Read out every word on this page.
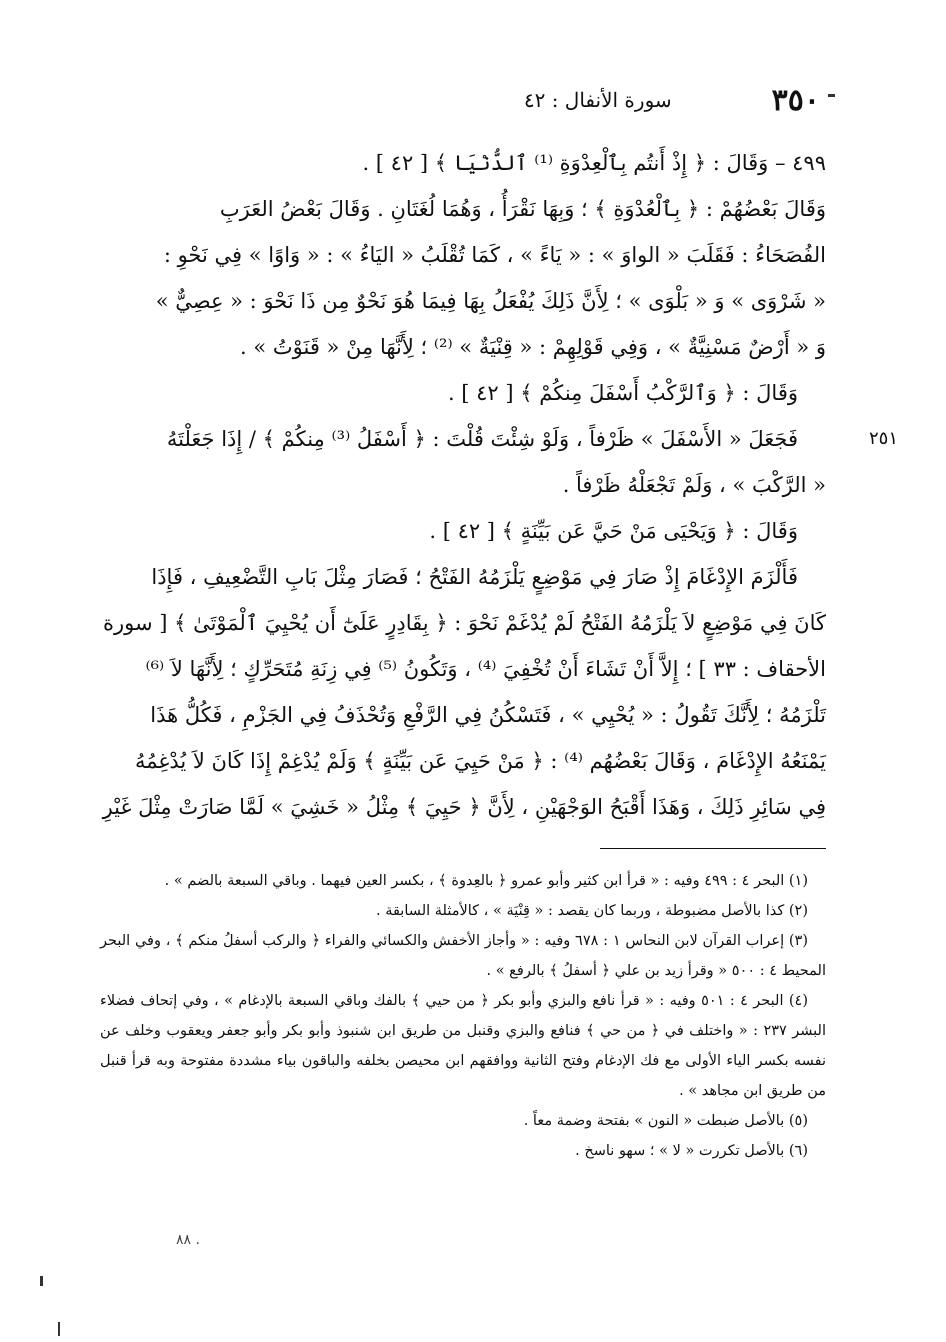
٣٥٠
سورة الأنفال : ٤٢
٢٥١

٤٩٩ – وَقَالَ : ﴿ إِذْ أَنتُم بِٱلْعِدْوَةِ ⁽¹⁾ ٱلدُّنْيَا ﴾ [ ٤٢ ] .

وَقَالَ بَعْضُهُمْ : ﴿ بِٱلْعُدْوَةِ ﴾ ؛ وَبِهَا نَقْرَأُ ، وَهُمَا لُغَتَانِ . وَقَالَ بَعْضُ العَرَبِ

الفُصَحَاءُ : فَقَلَبَ « الواوَ » : « يَاءً » ، كَمَا تُقْلَبُ « اليَاءُ » : « وَاوًا » فِي نَحْوِ :

« شَرْوَى » وَ « بَلْوَى » ؛ لِأَنَّ ذَلِكَ يُفْعَلُ بِهَا فِيمَا هُوَ نَحْوٌ مِن ذَا نَحْوَ : « عِصِيٌّ »

وَ « أَرْضٌ مَسْنِيَّةٌ » ، وَفِي قَوْلِهِمْ : « قِنْيَةٌ » ⁽²⁾ ؛ لِأَنَّهَا مِنْ « قَنَوْتُ » .

وَقَالَ : ﴿ وَٱلرَّكْبُ أَسْفَلَ مِنكُمْ ﴾ [ ٤٢ ] .

فَجَعَلَ « الأَسْفَلَ » ظَرْفاً ، وَلَوْ شِئْتَ قُلْتَ : ﴿ أَسْفَلُ ⁽³⁾ مِنكُمْ ﴾ / إِذَا جَعَلْتَهُ

« الرَّكْبَ » ، وَلَمْ تَجْعَلْهُ ظَرْفاً .

وَقَالَ : ﴿ وَيَحْيَى مَنْ حَيَّ عَن بَيِّنَةٍ ﴾ [ ٤٢ ] .

فَأَلْزَمَ الإِدْغَامَ إِذْ صَارَ فِي مَوْضِعٍ يَلْزَمُهُ الفَتْحُ ؛ فَصَارَ مِثْلَ بَابِ التَّضْعِيفِ ، فَإِذَا

كَانَ فِي مَوْضِعٍ لاَ يَلْزَمُهُ الفَتْحُ لَمْ يُدْغَمْ نَحْوَ : ﴿ بِقَادِرٍ عَلَىٰٓ أَن يُحْيِيَ ٱلْمَوْتَىٰ ﴾ [ سورة

الأحقاف : ٣٣ ] ؛ إِلاَّ أَنْ تَشَاءَ أَنْ تُخْفِيَ ⁽⁴⁾ ، وَتَكُونُ ⁽⁵⁾ فِي زِنَةِ مُتَحَرِّكٍ ؛ لِأَنَّهَا لاَ ⁽⁶⁾

تَلْزَمُهُ ؛ لِأَنَّكَ تَقُولُ : « يُحْيِي » ، فَتَسْكُنُ فِي الرَّفْعِ وَتُحْذَفُ فِي الجَزْمِ ، فَكُلُّ هَذَا

يَمْنَعُهُ الإِدْغَامَ ، وَقَالَ بَعْضُهُم ⁽⁴⁾ : ﴿ مَنْ حَيِيَ عَن بَيِّنَةٍ ﴾ وَلَمْ يُدْغِمْ إِذَا كَانَ لاَ يُدْغِمُهُ

فِي سَائِرِ ذَلِكَ ، وَهَذَا أَقْبَحُ الوَجْهَيْنِ ، لِأَنَّ ﴿ حَيِيَ ﴾ مِثْلُ « خَشِيَ » لَمَّا صَارَتْ مِثْلَ غَيْرِ

(١) البحر ٤ : ٤٩٩ وفيه : « قرأ ابن كثير وأبو عمرو ﴿ بالعِدوة ﴾ ، بكسر العين فيهما . وباقي السبعة بالضم » .

(٢) كذا بالأصل مضبوطة ، وربما كان يقصد : « قِنْيَة » ، كالأمثلة السابقة .

(٣) إعراب القرآن لابن النحاس ١ : ٦٧٨ وفيه : « وأجاز الأخفش والكسائي والفراء ﴿ والركب أسفلُ منكم ﴾ ، وفي البحر المحيط ٤ : ٥٠٠ « وقرأ زيد بن علي ﴿ أسفلُ ﴾ بالرفع » .

(٤) البحر ٤ : ٥٠١ وفيه : « قرأ نافع والبزي وأبو بكر ﴿ من حيي ﴾ بالفك وباقي السبعة بالإدغام » ، وفي إتحاف فضلاء البشر ٢٣٧ : « واختلف في ﴿ من حي ﴾ فنافع والبزي وقنبل من طريق ابن شنبوذ وأبو بكر وأبو جعفر ويعقوب وخلف عن نفسه بكسر الياء الأولى مع فك الإدغام وفتح الثانية ووافقهم ابن محيصن بخلفه والباقون بياء مشددة مفتوحة وبه قرأ قنبل من طريق ابن مجاهد » .

(٥) بالأصل ضبطت « النون » بفتحة وضمة معاً .

(٦) بالأصل تكررت « لا » ؛ سهو ناسخ .

٨٨ .
